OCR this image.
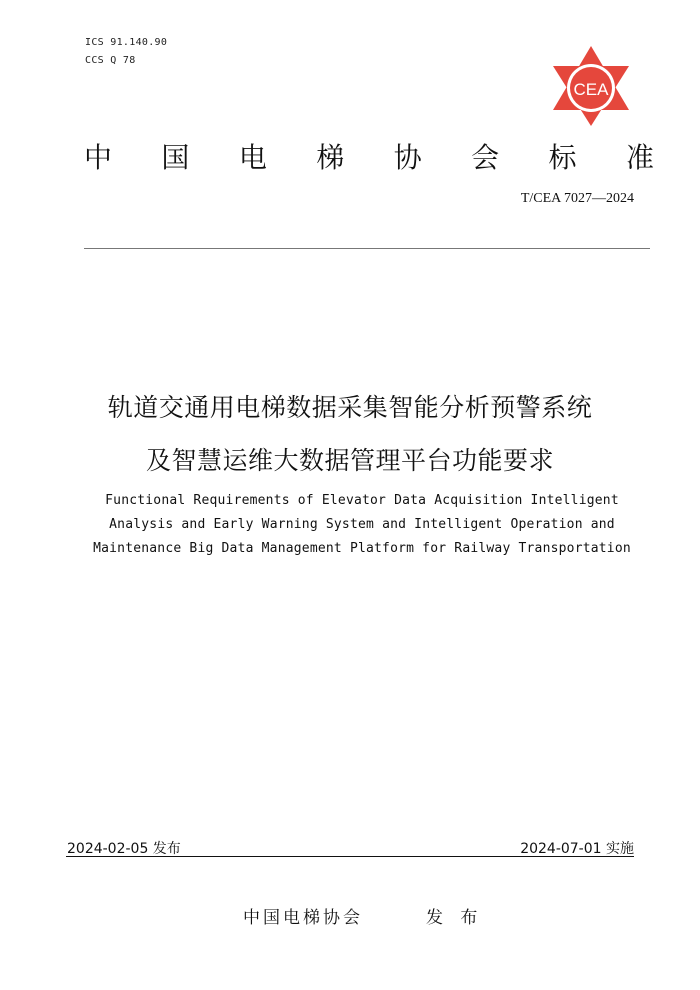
ICS 91.140.90
CCS Q 78
CEA
中 国 电 梯 协 会 标 准
T/CEA 7027—2024
轨道交通用电梯数据采集智能分析预警系统
及智慧运维大数据管理平台功能要求
Functional Requirements of Elevator Data Acquisition Intelligent
Analysis and Early Warning System and Intelligent Operation and
Maintenance Big Data Management Platform for Railway Transportation
2024-02-05 发布	2024-07-01 实施
中国电梯协会	发 布
